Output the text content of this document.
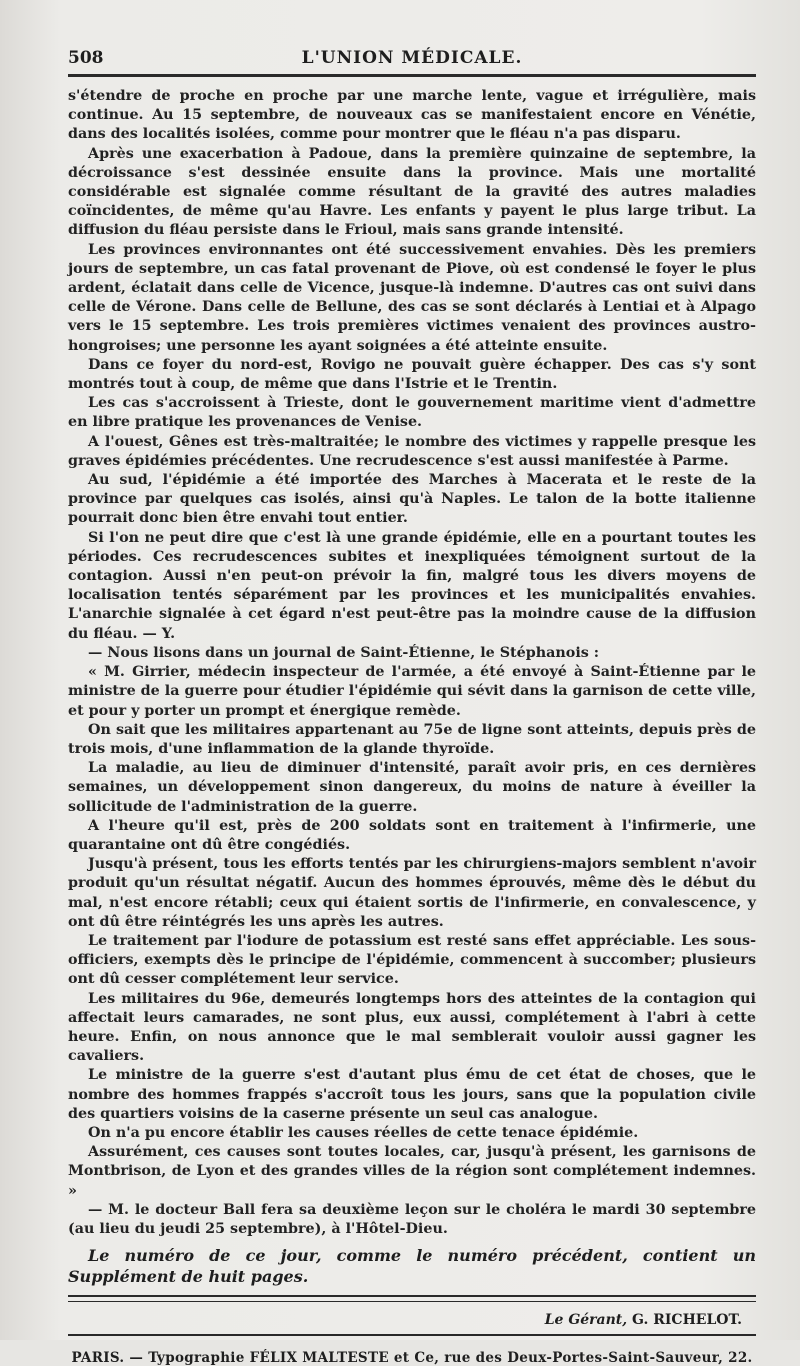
508	L'UNION MÉDICALE.

s'étendre de proche en proche par une marche lente, vague et irrégulière, mais continue. Au 15 septembre, de nouveaux cas se manifestaient encore en Vénétie, dans des localités isolées, comme pour montrer que le fléau n'a pas disparu.

Après une exacerbation à Padoue, dans la première quinzaine de septembre, la décroissance s'est dessinée ensuite dans la province. Mais une mortalité considérable est signalée comme résultant de la gravité des autres maladies coïncidentes, de même qu'au Havre. Les enfants y payent le plus large tribut. La diffusion du fléau persiste dans le Frioul, mais sans grande intensité.

Les provinces environnantes ont été successivement envahies. Dès les premiers jours de septembre, un cas fatal provenant de Piove, où est condensé le foyer le plus ardent, éclatait dans celle de Vicence, jusque-là indemne. D'autres cas ont suivi dans celle de Vérone. Dans celle de Bellune, des cas se sont déclarés à Lentiai et à Alpago vers le 15 septembre. Les trois premières victimes venaient des provinces austro-hongroises; une personne les ayant soignées a été atteinte ensuite.

Dans ce foyer du nord-est, Rovigo ne pouvait guère échapper. Des cas s'y sont montrés tout à coup, de même que dans l'Istrie et le Trentin.

Les cas s'accroissent à Trieste, dont le gouvernement maritime vient d'admettre en libre pratique les provenances de Venise.

A l'ouest, Gênes est très-maltraitée; le nombre des victimes y rappelle presque les graves épidémies précédentes. Une recrudescence s'est aussi manifestée à Parme.

Au sud, l'épidémie a été importée des Marches à Macerata et le reste de la province par quelques cas isolés, ainsi qu'à Naples. Le talon de la botte italienne pourrait donc bien être envahi tout entier.

Si l'on ne peut dire que c'est là une grande épidémie, elle en a pourtant toutes les périodes. Ces recrudescences subites et inexpliquées témoignent surtout de la contagion. Aussi n'en peut-on prévoir la fin, malgré tous les divers moyens de localisation tentés séparément par les provinces et les municipalités envahies. L'anarchie signalée à cet égard n'est peut-être pas la moindre cause de la diffusion du fléau. — Y.

— Nous lisons dans un journal de Saint-Étienne, le Stéphanois :

« M. Girrier, médecin inspecteur de l'armée, a été envoyé à Saint-Étienne par le ministre de la guerre pour étudier l'épidémie qui sévit dans la garnison de cette ville, et pour y porter un prompt et énergique remède.

On sait que les militaires appartenant au 75e de ligne sont atteints, depuis près de trois mois, d'une inflammation de la glande thyroïde.

La maladie, au lieu de diminuer d'intensité, paraît avoir pris, en ces dernières semaines, un développement sinon dangereux, du moins de nature à éveiller la sollicitude de l'administration de la guerre.

A l'heure qu'il est, près de 200 soldats sont en traitement à l'infirmerie, une quarantaine ont dû être congédiés.

Jusqu'à présent, tous les efforts tentés par les chirurgiens-majors semblent n'avoir produit qu'un résultat négatif. Aucun des hommes éprouvés, même dès le début du mal, n'est encore rétabli; ceux qui étaient sortis de l'infirmerie, en convalescence, y ont dû être réintégrés les uns après les autres.

Le traitement par l'iodure de potassium est resté sans effet appréciable. Les sous-officiers, exempts dès le principe de l'épidémie, commencent à succomber; plusieurs ont dû cesser complétement leur service.

Les militaires du 96e, demeurés longtemps hors des atteintes de la contagion qui affectait leurs camarades, ne sont plus, eux aussi, complétement à l'abri à cette heure. Enfin, on nous annonce que le mal semblerait vouloir aussi gagner les cavaliers.

Le ministre de la guerre s'est d'autant plus ému de cet état de choses, que le nombre des hommes frappés s'accroît tous les jours, sans que la population civile des quartiers voisins de la caserne présente un seul cas analogue.

On n'a pu encore établir les causes réelles de cette tenace épidémie.

Assurément, ces causes sont toutes locales, car, jusqu'à présent, les garnisons de Montbrison, de Lyon et des grandes villes de la région sont complétement indemnes. »

— M. le docteur Ball fera sa deuxième leçon sur le choléra le mardi 30 septembre (au lieu du jeudi 25 septembre), à l'Hôtel-Dieu.

Le numéro de ce jour, comme le numéro précédent, contient un Supplément de huit pages.
Le Gérant, G. RICHELOT.
PARIS. — Typographie FÉLIX MALTESTE et Ce, rue des Deux-Portes-Saint-Sauveur, 22.
